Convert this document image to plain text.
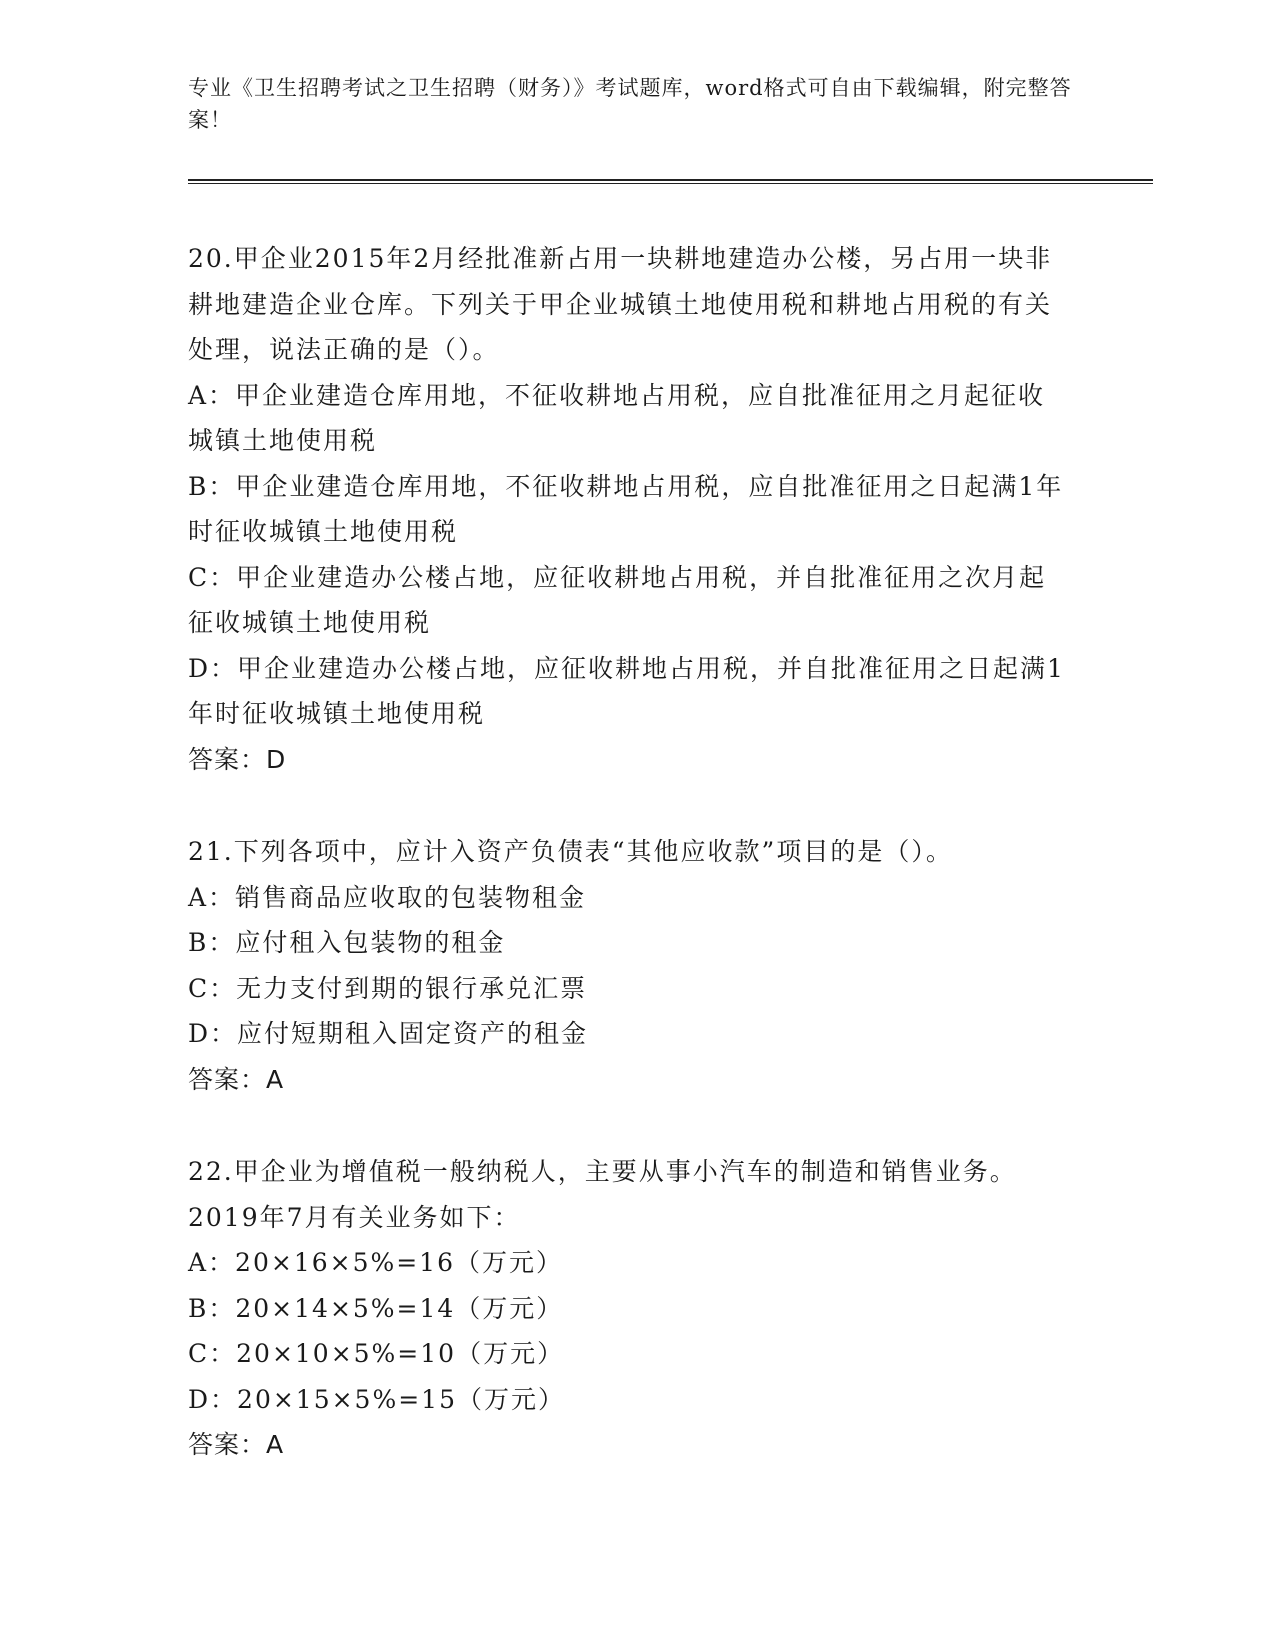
专业《卫生招聘考试之卫生招聘（财务）》考试题库，word格式可自由下载编辑，附完整答案！
20.甲企业2015年2月经批准新占用一块耕地建造办公楼，另占用一块非耕地建造企业仓库。下列关于甲企业城镇土地使用税和耕地占用税的有关处理，说法正确的是（）。
A：甲企业建造仓库用地，不征收耕地占用税，应自批准征用之月起征收城镇土地使用税
B：甲企业建造仓库用地，不征收耕地占用税，应自批准征用之日起满1年时征收城镇土地使用税
C：甲企业建造办公楼占地，应征收耕地占用税，并自批准征用之次月起征收城镇土地使用税
D：甲企业建造办公楼占地，应征收耕地占用税，并自批准征用之日起满1年时征收城镇土地使用税
答案：D
21.下列各项中，应计入资产负债表“其他应收款”项目的是（）。
A：销售商品应收取的包装物租金
B：应付租入包装物的租金
C：无力支付到期的银行承兑汇票
D：应付短期租入固定资产的租金
答案：A
22.甲企业为增值税一般纳税人，主要从事小汽车的制造和销售业务。2019年7月有关业务如下：
A：20×16×5%=16（万元）
B：20×14×5%=14（万元）
C：20×10×5%=10（万元）
D：20×15×5%=15（万元）
答案：A
